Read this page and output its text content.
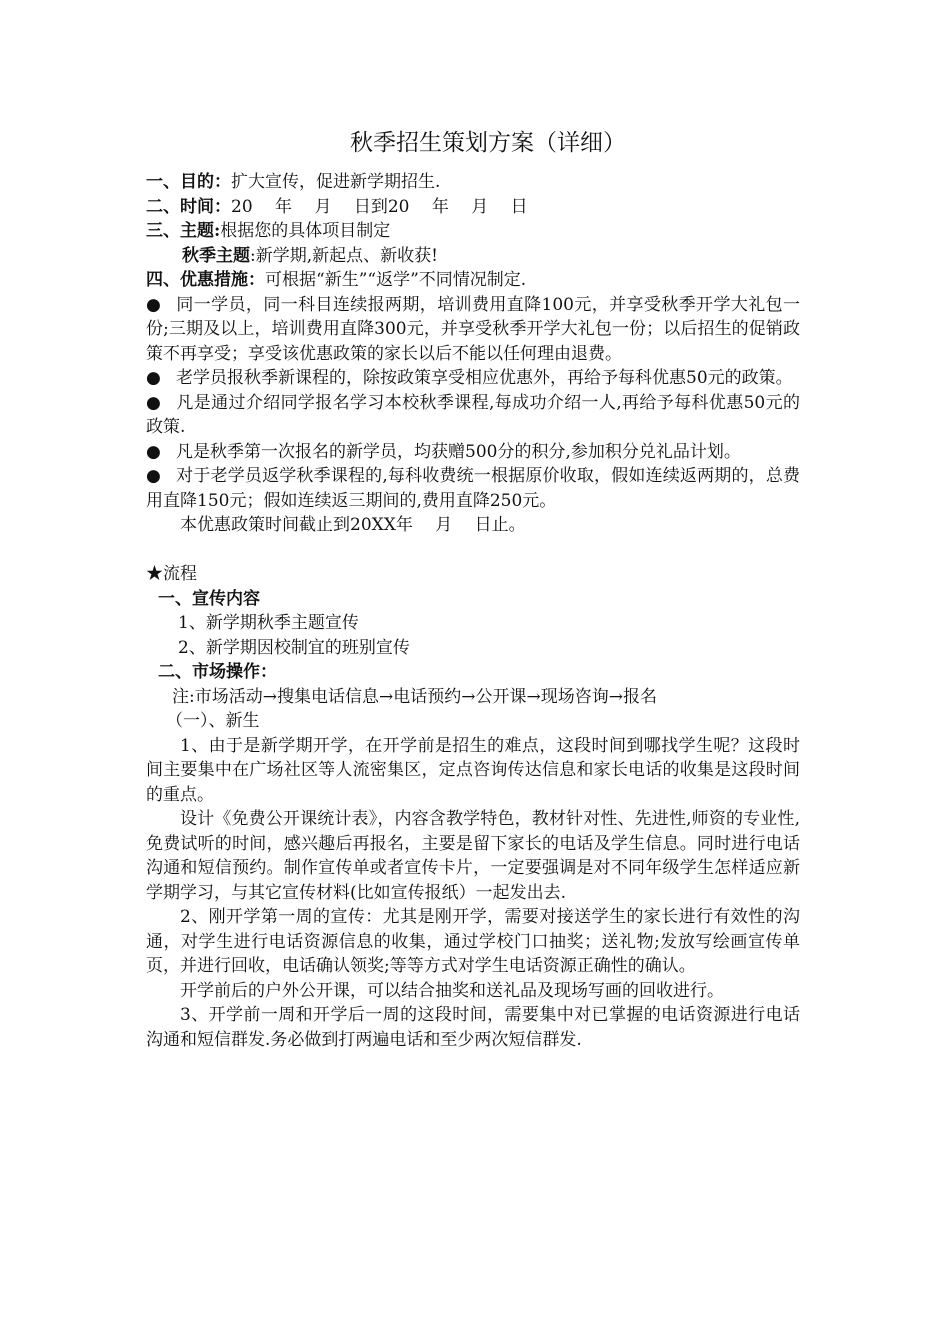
秋季招生策划方案（详细）

一、目的：扩大宣传，促进新学期招生.

二、时间：20　 年　 月　 日到20　 年　 月　 日

三、主题:根据您的具体项目制定

秋季主题:新学期,新起点、新收获!

四、优惠措施：可根据“新生”“返学”不同情况制定.

● 同一学员，同一科目连续报两期，培训费用直降100元，并享受秋季开学大礼包一份;三期及以上，培训费用直降300元，并享受秋季开学大礼包一份；以后招生的促销政策不再享受；享受该优惠政策的家长以后不能以任何理由退费。

● 老学员报秋季新课程的，除按政策享受相应优惠外，再给予每科优惠50元的政策。

● 凡是通过介绍同学报名学习本校秋季课程,每成功介绍一人,再给予每科优惠50元的政策.

● 凡是秋季第一次报名的新学员，均获赠500分的积分,参加积分兑礼品计划。

● 对于老学员返学秋季课程的,每科收费统一根据原价收取，假如连续返两期的，总费用直降150元；假如连续返三期间的,费用直降250元。

本优惠政策时间截止到20XX年　 月　 日止。

★流程

一、宣传内容

1、新学期秋季主题宣传

2、新学期因校制宜的班别宣传

二、市场操作：

注:市场活动→搜集电话信息→电话预约→公开课→现场咨询→报名

（一）、新生

1、由于是新学期开学，在开学前是招生的难点，这段时间到哪找学生呢？这段时间主要集中在广场社区等人流密集区，定点咨询传达信息和家长电话的收集是这段时间的重点。

设计《免费公开课统计表》，内容含教学特色，教材针对性、先进性,师资的专业性,免费试听的时间，感兴趣后再报名，主要是留下家长的电话及学生信息。同时进行电话沟通和短信预约。制作宣传单或者宣传卡片，一定要强调是对不同年级学生怎样适应新学期学习，与其它宣传材料(比如宣传报纸）一起发出去.

2、刚开学第一周的宣传：尤其是刚开学，需要对接送学生的家长进行有效性的沟通，对学生进行电话资源信息的收集，通过学校门口抽奖；送礼物;发放写绘画宣传单页，并进行回收，电话确认领奖;等等方式对学生电话资源正确性的确认。

开学前后的户外公开课，可以结合抽奖和送礼品及现场写画的回收进行。

3、开学前一周和开学后一周的这段时间，需要集中对已掌握的电话资源进行电话沟通和短信群发.务必做到打两遍电话和至少两次短信群发.
